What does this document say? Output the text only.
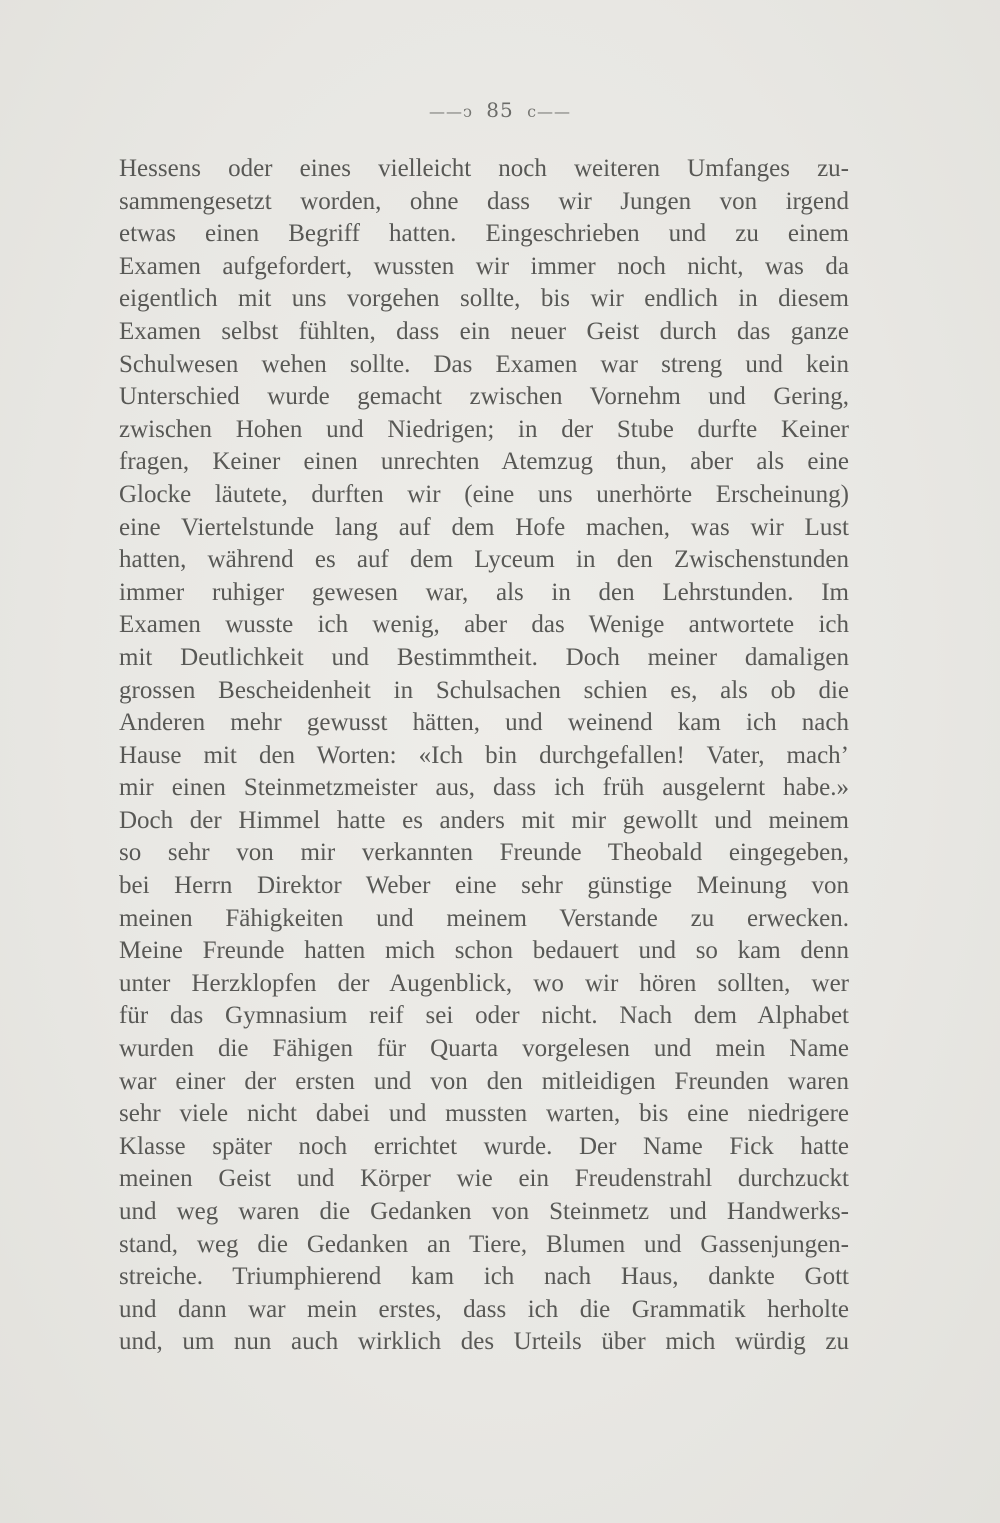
——ↄ 85 c——
Hessens oder eines vielleicht noch weiteren Umfanges zu-
sammengesetzt worden, ohne dass wir Jungen von irgend
etwas einen Begriff hatten. Eingeschrieben und zu einem
Examen aufgefordert, wussten wir immer noch nicht, was da
eigentlich mit uns vorgehen sollte, bis wir endlich in diesem
Examen selbst fühlten, dass ein neuer Geist durch das ganze
Schulwesen wehen sollte. Das Examen war streng und kein
Unterschied wurde gemacht zwischen Vornehm und Gering,
zwischen Hohen und Niedrigen; in der Stube durfte Keiner
fragen, Keiner einen unrechten Atemzug thun, aber als eine
Glocke läutete, durften wir (eine uns unerhörte Erscheinung)
eine Viertelstunde lang auf dem Hofe machen, was wir Lust
hatten, während es auf dem Lyceum in den Zwischenstunden
immer ruhiger gewesen war, als in den Lehrstunden. Im
Examen wusste ich wenig, aber das Wenige antwortete ich
mit Deutlichkeit und Bestimmtheit. Doch meiner damaligen
grossen Bescheidenheit in Schulsachen schien es, als ob die
Anderen mehr gewusst hätten, und weinend kam ich nach
Hause mit den Worten: «Ich bin durchgefallen! Vater, mach’
mir einen Steinmetzmeister aus, dass ich früh ausgelernt habe.»
Doch der Himmel hatte es anders mit mir gewollt und meinem
so sehr von mir verkannten Freunde Theobald eingegeben,
bei Herrn Direktor Weber eine sehr günstige Meinung von
meinen Fähigkeiten und meinem Verstande zu erwecken.
Meine Freunde hatten mich schon bedauert und so kam denn
unter Herzklopfen der Augenblick, wo wir hören sollten, wer
für das Gymnasium reif sei oder nicht. Nach dem Alphabet
wurden die Fähigen für Quarta vorgelesen und mein Name
war einer der ersten und von den mitleidigen Freunden waren
sehr viele nicht dabei und mussten warten, bis eine niedrigere
Klasse später noch errichtet wurde. Der Name Fick hatte
meinen Geist und Körper wie ein Freudenstrahl durchzuckt
und weg waren die Gedanken von Steinmetz und Handwerks-
stand, weg die Gedanken an Tiere, Blumen und Gassenjungen-
streiche. Triumphierend kam ich nach Haus, dankte Gott
und dann war mein erstes, dass ich die Grammatik herholte
und, um nun auch wirklich des Urteils über mich würdig zu
